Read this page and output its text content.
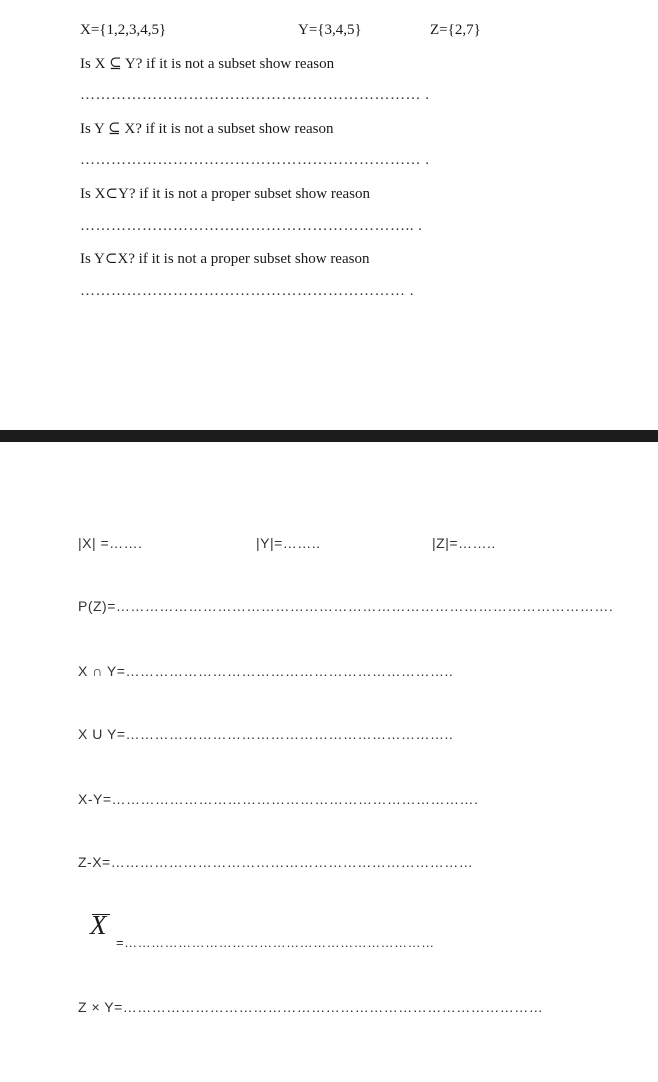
X={1,2,3,4,5}	Y={3,4,5}	Z={2,7}
Is X ⊆ Y? if it is not a subset show reason
………………………………………………………… .
Is Y ⊆ X? if it is not a subset show reason
………………………………………………………… .
Is X⊂Y? if it is not a proper subset show reason
……………………………………………………….. .
Is Y⊂X? if it is not a proper subset show reason
……………………………………………………… .
|X| =…….	|Y|=……..	|Z|=……..
P(Z)=………………………………………………………………………………………….
X ∩ Y=…………………………………………………………..
X U Y=…………………………………………………………..
X-Y=………………………………………………………………….
Z-X=…………………………………………………………………
X
=……………………………………………………………
Z × Y=……………………………………………………………………………
